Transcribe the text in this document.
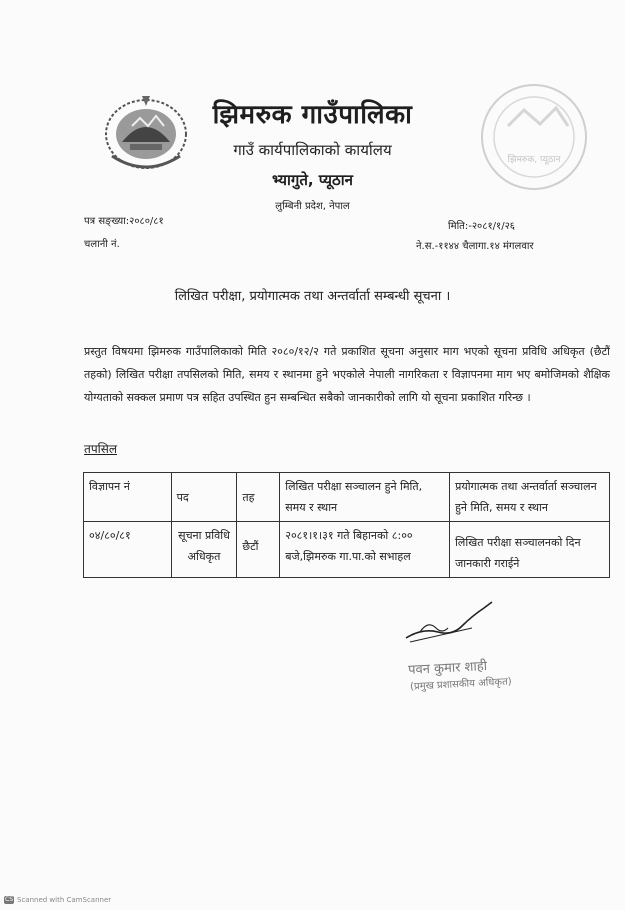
झिमरुक, प्यूठान
झिमरुक गाउँपालिका
गाउँ कार्यपालिकाको कार्यालय
भ्यागुते, प्यूठान
लुम्बिनी प्रदेश, नेपाल
पत्र सङ्ख्या:२०८०/८१
चलानी नं.
मिति:-२०८१/१/२६
ने.स.-११४४ चैलागा.१४ मंगलवार
लिखित परीक्षा, प्रयोगात्मक तथा अन्तर्वार्ता सम्बन्धी सूचना ।
प्रस्तुत विषयमा झिमरुक गाउँपालिकाको मिति २०८०/१२/२ गते प्रकाशित सूचना अनुसार माग भएको सूचना प्रविधि अधिकृत (छैटौं तहको) लिखित परीक्षा तपसिलको मिति, समय र स्थानमा हुने भएकोले नेपाली नागरिकता र विज्ञापनमा माग भए बमोजिमको शैक्षिक योग्यताको सक्कल प्रमाण पत्र सहित उपस्थित हुन सम्बन्धित सबैको जानकारीको लागि यो सूचना प्रकाशित गरिन्छ ।
तपसिल
विज्ञापन नं	पद	तह	लिखित परीक्षा सञ्चालन हुने मिति, समय र स्थान	प्रयोगात्मक तथा अन्तर्वार्ता सञ्चालन हुने मिति, समय र स्थान
०४/८०/८१	सूचना प्रविधि अधिकृत	छैटौं	२०८१।१।३१ गते बिहानको ८:०० बजे,झिमरुक गा.पा.को सभाहल	लिखित परीक्षा सञ्चालनको दिन जानकारी गराईने
पवन कुमार शाही
(प्रमुख प्रशासकीय अधिकृत)
CS Scanned with CamScanner
